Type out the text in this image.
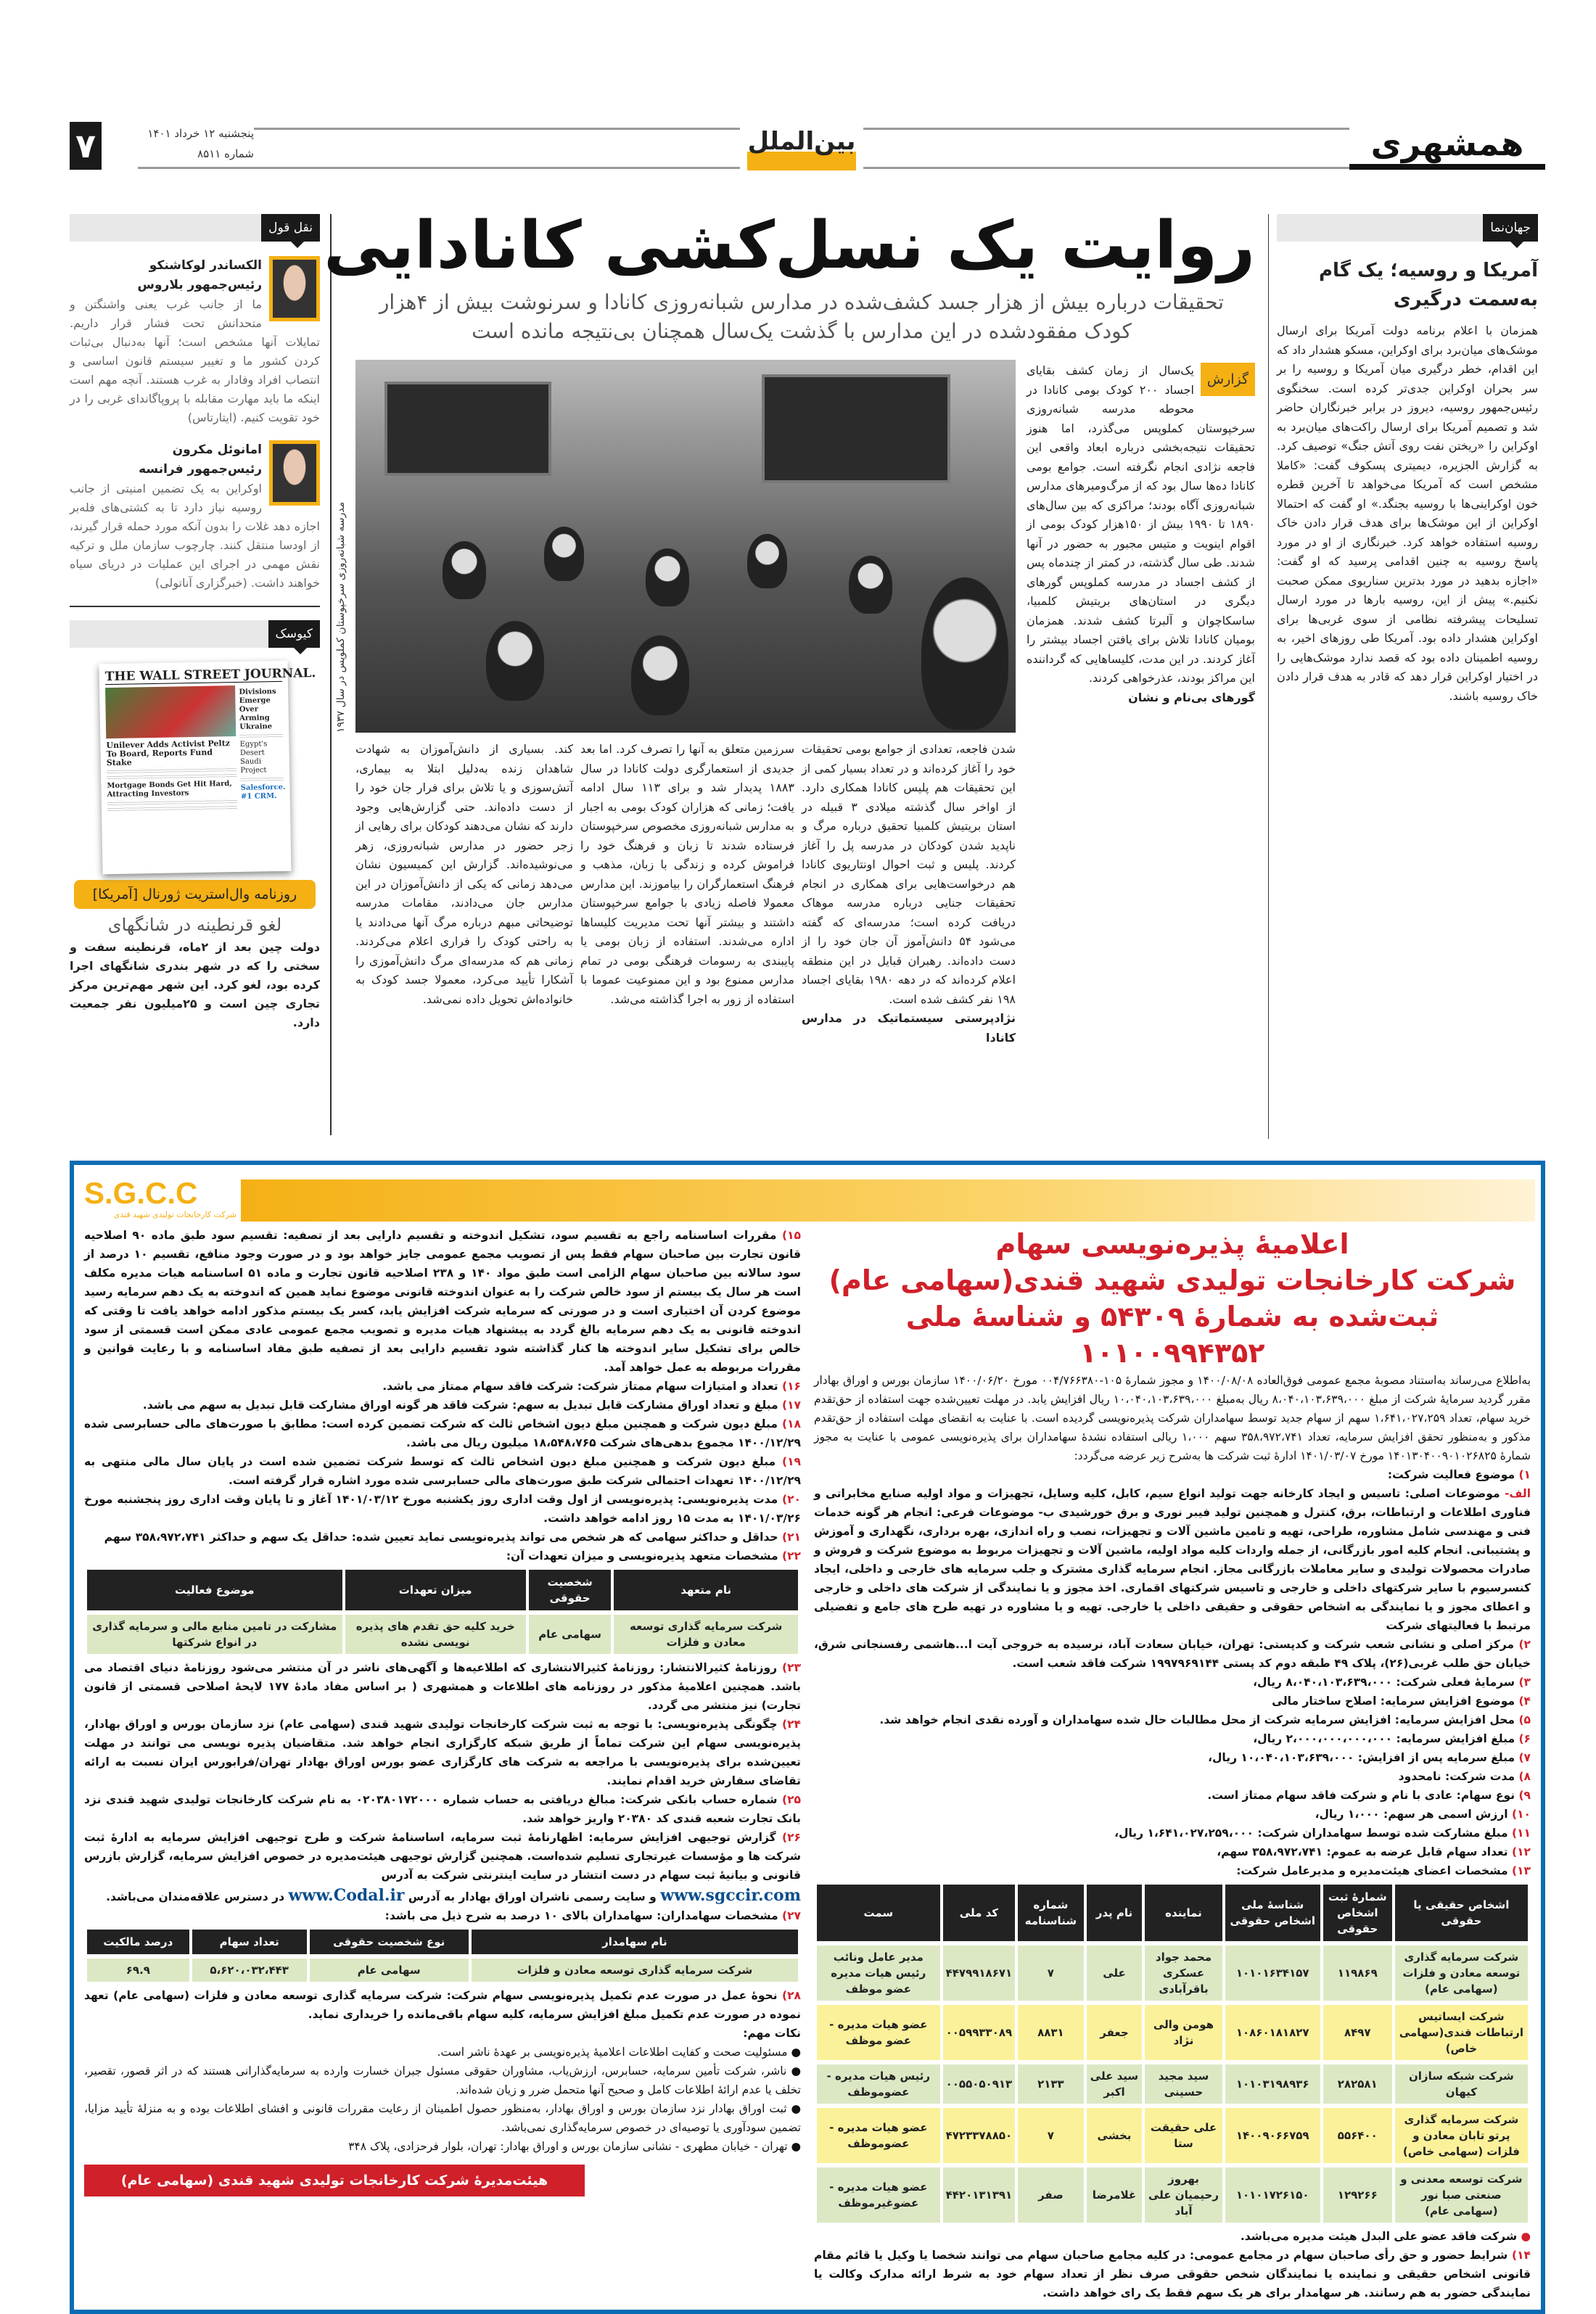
۷	پنجشنبه ۱۲ خرداد ۱۴۰۱
شماره ۸۵۱۱	بین‌الملل	همشهری
نقل قول
الکساندر لوکاشنکو
رئیس‌جمهور بلاروس
ما از جانب غرب یعنی واشنگتن و متحدانش تحت فشار قرار داریم. تمایلات آنها مشخص است؛ آنها به‌دنبال بی‌ثبات کردن کشور ما و تغییر سیستم قانون اساسی و انتصاب افراد وفادار به غرب هستند. آنچه مهم است اینکه ما باید مهارت مقابله با پروپاگاندای غربی را در خود تقویت کنیم. (ایتارتاس)
امانوئل مکرون
رئیس‌جمهور فرانسه
اوکراین به یک تضمین امنیتی از جانب روسیه نیاز دارد تا به کشتی‌های فله‌بر اجازه دهد غلات را بدون آنکه مورد حمله قرار گیرند، از اودسا منتقل کنند. چارچوب سازمان ملل و ترکیه نقش مهمی در اجرای این عملیات در دریای سیاه خواهند داشت. (خبرگزاری آناتولی)
کیوسک
THE WALL STREET JOURNAL.
Unilever Adds Activist Peltz To Board, Reports Fund Stake
Mortgage Bonds Get Hit Hard, Attracting Investors
Divisions Emerge Over Arming Ukraine
Egypt's Desert Saudi Project
Salesforce. #1 CRM.
روزنامه وال‌استریت ژورنال [آمریکا]
لغو قرنطینه در شانگهای
دولت چین بعد از ۲ماه، قرنطینه سفت و سختی را که در شهر بندری شانگهای اجرا کرده بود، لغو کرد. این شهر مهم‌ترین مرکز تجاری چین است و ۲۵میلیون نفر جمعیت دارد.
روایت یک نسل‌کشی کانادایی
تحقیقات درباره بیش از هزار جسد کشف‌شده در مدارس شبانه‌روزی کانادا و سرنوشت بیش از ۴هزار کودک مفقودشده در این مدارس با گذشت یک‌سال همچنان بی‌نتیجه مانده است
مدرسه شبانه‌روزی سرخپوستان کملوپس در سال ۱۹۳۷
گزارش
یک‌سال از زمان کشف بقایای اجساد ۲۰۰ کودک بومی کانادا در محوطه مدرسه شبانه‌روزی سرخپوستان کملوپس می‌گذرد، اما هنوز تحقیقات نتیجه‌بخشی درباره ابعاد واقعی این فاجعه نژادی انجام نگرفته است. جوامع بومی کانادا ده‌ها سال بود که از مرگ‌ومیرهای مدارس شبانه‌روزی آگاه بودند؛ مراکزی که بین سال‌های ۱۸۹۰ تا ۱۹۹۰ بیش از ۱۵۰هزار کودک بومی از اقوام اینویت و متیس مجبور به حضور در آنها شدند. طی سال گذشته، در کمتر از چندماه پس از کشف اجساد در مدرسه کملوپس گورهای دیگری در استان‌های بریتیش کلمبیا، ساسکاچوان و آلبرتا کشف شدند. همزمان بومیان کانادا تلاش برای یافتن اجساد بیشتر را آغاز کردند. در این مدت، کلیساهایی که گرداننده این مراکز بودند، عذرخواهی کردند.
گورهای بی‌نام و نشان
شدن فاجعه، تعدادی از جوامع بومی تحقیقات خود را آغاز کرده‌اند و در تعداد بسیار کمی از این تحقیقات هم پلیس کانادا همکاری دارد. از اواخر سال گذشته میلادی ۳ قبیله در استان بریتیش کلمبیا تحقیق درباره مرگ و ناپدید شدن کودکان در مدرسه پل را آغاز کردند. پلیس و ثبت احوال اونتاریوی کانادا هم درخواست‌هایی برای همکاری در انجام تحقیقات جنایی درباره مدرسه موهاک دریافت کرده است؛ مدرسه‌ای که گفته می‌شود ۵۴ دانش‌آموز آن جان خود را از دست داده‌اند. رهبران قبایل در این منطقه اعلام کرده‌اند که در دهه ۱۹۸۰ بقایای اجساد ۱۹۸ نفر کشف شده است.
نژادپرستی سیستماتیک در مدارس کانادا
سرزمین متعلق به آنها را تصرف کرد. اما بعد جدیدی از استعمارگری دولت کانادا در سال ۱۸۸۳ پدیدار شد و برای ۱۱۳ سال ادامه یافت؛ زمانی که هزاران کودک بومی به اجبار به مدارس شبانه‌روزی مخصوص سرخپوستان فرستاده شدند تا زبان و فرهنگ خود را فراموش کرده و زندگی با زبان، مذهب و فرهنگ استعمارگران را بیاموزند. این مدارس معمولا فاصله زیادی با جوامع سرخپوستان داشتند و بیشتر آنها تحت مدیریت کلیساها اداره می‌شدند. استفاده از زبان بومی یا پایبندی به رسومات فرهنگی بومی در تمام مدارس ممنوع بود و این ممنوعیت عموما با استفاده از زور به اجرا گذاشته می‌شد.
کند. بسیاری از دانش‌آموزان به شهادت شاهدان زنده به‌دلیل ابتلا به بیماری، آتش‌سوزی و یا تلاش برای فرار جان خود را از دست داده‌اند. حتی گزارش‌هایی وجود دارند که نشان می‌دهند کودکان برای رهایی از زجر حضور در مدارس شبانه‌روزی، زهر می‌نوشیده‌اند. گزارش این کمیسیون نشان می‌دهد زمانی که یکی از دانش‌آموزان در این مدارس جان می‌دادند، مقامات مدرسه توضیحاتی مبهم درباره مرگ آنها می‌دادند یا به راحتی کودک را فراری اعلام می‌کردند. زمانی هم که مدرسه‌ای مرگ دانش‌آموزی را آشکارا تأیید می‌کرد، معمولا جسد کودک به خانواده‌اش تحویل داده نمی‌شد.
جهان‌نما
آمریکا و روسیه؛ یک گام به‌سمت درگیری
همزمان با اعلام برنامه دولت آمریکا برای ارسال موشک‌های میان‌برد برای اوکراین، مسکو هشدار داد که این اقدام، خطر درگیری میان آمریکا و روسیه را بر سر بحران اوکراین جدی‌تر کرده است. سخنگوی رئیس‌جمهور روسیه، دیروز در برابر خبرنگاران حاضر شد و تصمیم آمریکا برای ارسال راکت‌های میان‌برد به اوکراین را «ریختن نفت روی آتش جنگ» توصیف کرد. به گزارش الجزیره، دیمیتری پسکوف گفت: «کاملا مشخص است که آمریکا می‌خواهد تا آخرین قطره خون اوکراینی‌ها با روسیه بجنگد.» او گفت که احتمالا اوکراین از این موشک‌ها برای هدف قرار دادن خاک روسیه استفاده خواهد کرد. خبرنگاری از او در مورد پاسخ روسیه به چنین اقدامی پرسید که او گفت: «اجازه بدهید در مورد بدترین سناریوی ممکن صحبت نکنیم.» پیش از این، روسیه بارها در مورد ارسال تسلیحات پیشرفته نظامی از سوی غربی‌ها برای اوکراین هشدار داده بود. آمریکا طی روزهای اخیر، به روسیه اطمینان داده بود که قصد ندارد موشک‌هایی را در اختیار اوکراین قرار دهد که قادر به هدف قرار دادن خاک روسیه باشند.
S.G.C.C
شرکت کارخانجات تولیدی شهید قندی
اعلامیهٔ پذیره‌نویسی سهام
شرکت کارخانجات تولیدی شهید قندی(سهامی عام)
ثبت‌شده به شمارهٔ ۵۴۳۰۹ و شناسهٔ ملی ۱۰۱۰۰۹۹۴۳۵۲
به‌اطلاع می‌رساند به‌استناد مصوبهٔ مجمع عمومی فوق‌العاده ۱۴۰۰/۰۸/۰۸ و مجوز شمارهٔ ۱۰۵-۰۰۴/۷۶۶۳۸۰ مورخ ۱۴۰۰/۰۶/۲۰ سازمان بورس و اوراق بهادار مقرر گردید سرمایهٔ شرکت از مبلغ ۸،۰۴۰،۱۰۳،۶۳۹،۰۰۰ ریال به‌مبلغ ۱۰،۰۴۰،۱۰۳،۶۳۹،۰۰۰ ریال افزایش یابد. در مهلت تعیین‌شده جهت استفاده از حق‌تقدم خرید سهام، تعداد ۱،۶۴۱،۰۲۷،۲۵۹ سهم از سهام جدید توسط سهامداران شرکت پذیره‌نویسی گردیده است. با عنایت به انقضای مهلت استفاده از حق‌تقدم مذکور و به‌منظور تحقق افزایش سرمایه، تعداد ۳۵۸،۹۷۲،۷۴۱ سهم ۱،۰۰۰ ریالی استفاده نشدهٔ سهامداران برای پذیره‌نویسی عمومی با عنایت به مجوز شمارهٔ ۱۴۰۱۳۰۴۰۰۹۰۱۰۲۶۸۲۵ مورخ ۱۴۰۱/۰۳/۰۷ ادارهٔ ثبت شرکت ها به‌شرح زیر عرضه می‌گردد:
۱) موضوع فعالیت شرکت:
الف- موضوعات اصلی: تاسیس و ایجاد کارخانه جهت تولید انواع سیم، کابل، کلیه وسایل، تجهیزات و مواد اولیه صنایع مخابراتی و فناوری اطلاعات و ارتباطات، برق، کنترل و همچنین تولید فیبر نوری و برق خورشیدی ب- موضوعات فرعی: انجام هر گونه خدمات فنی و مهندسی شامل مشاوره، طراحی، تهیه و تامین ماشین آلات و تجهیزات، نصب و راه اندازی، بهره برداری، نگهداری و آموزش و پشتیبانی. انجام کلیه امور بازرگانی، از جمله واردات کلیه مواد اولیه، ماشین آلات و تجهیزات مربوط به موضوع شرکت و فروش و صادرات محصولات تولیدی و سایر معاملات بازرگانی مجاز. انجام سرمایه گذاری مشترک و جلب سرمایه های خارجی و داخلی، ایجاد کنسرسیوم با سایر شرکتهای داخلی و خارجی و تاسیس شرکتهای اقماری. اخذ مجوز و یا نمایندگی از شرکت های داخلی و خارجی و اعطای مجوز و یا نمایندگی به اشخاص حقوقی و حقیقی داخلی یا خارجی. تهیه و یا مشاوره در تهیه طرح های جامع و تفضیلی مرتبط با فعالیتهای شرکت
۲) مرکز اصلی و نشانی شعب شرکت و کدپستی: تهران، خیابان سعادت آباد، نرسیده به خروجی آیت ا...هاشمی رفسنجانی شرق، خیابان حق طلب غربی(۲۶)، پلاک ۴۹ طبقه دوم کد پستی ۱۹۹۷۹۶۹۱۴۴ شرکت فاقد شعب است.
۳) سرمایهٔ فعلی شرکت: ۸،۰۴۰،۱۰۳،۶۳۹،۰۰۰ ریال،
۴) موضوع افزایش سرمایه: اصلاح ساختار مالی
۵) محل افزایش سرمایه: افزایش سرمایه شرکت از محل مطالبات حال شده سهامداران و آورده نقدی انجام خواهد شد.
۶) مبلغ افزایش سرمایه: ۲،۰۰۰،۰۰۰،۰۰۰،۰۰۰ ریال،
۷) مبلغ سرمایه پس از افزایش: ۱۰،۰۴۰،۱۰۳،۶۳۹،۰۰۰ ریال،
۸) مدت شرکت: نامحدود
۹) نوع سهام: عادی با نام و شرکت فاقد سهام ممتاز است.
۱۰) ارزش اسمی هر سهم: ۱،۰۰۰ ریال،
۱۱) مبلغ مشارکت شده توسط سهامداران شرکت: ۱،۶۴۱،۰۲۷،۲۵۹،۰۰۰ ریال،
۱۲) تعداد سهام قابل عرضه به عموم: ۳۵۸،۹۷۲،۷۴۱ سهم،
۱۳) مشخصات اعضای هیئت‌مدیره و مدیرعامل شرکت:
اشخاص حقیقی یا حقوقی	شمارهٔ ثبت اشخاص حقوقی	شناسهٔ ملی اشخاص حقوقی	نماینده	نام پدر	شماره شناسنامه	کد ملی	سمت
شرکت سرمایه گذاری توسعه معادن و فلزات (سهامی عام)	۱۱۹۸۶۹	۱۰۱۰۱۶۳۴۱۵۷	محمد جواد عسکری باقرآبادی	علی	۷	۴۴۷۹۹۱۸۶۷۱	مدیر عامل ونائب رئیس هیات مدیره عضو موظف
شرکت ایساتیس ارتباطات قندی(سهامی خاص)	۸۴۹۷	۱۰۸۶۰۱۸۱۸۲۷	هومن والی نژاد	جعفر	۸۸۳۱	۰۰۵۹۹۳۳۰۸۹	عضو هیات مدیره - عضو موظف
شرکت شبکه سازان کیهان	۲۸۲۵۸۱	۱۰۱۰۳۱۹۸۹۳۶	سید مجید حسینی	سید علی اکبر	۲۱۳۳	۰۰۵۵۰۵۰۹۱۳	رئیس هیات مدیره - عضوموظف
شرکت سرمایه گذاری پرتو تابان معادن و فلزات (سهامی خاص)	۵۵۶۴۰۰	۱۴۰۰۹۰۶۶۷۵۹	علی حقیقت ستا	بخشی	۷	۴۷۲۳۳۷۸۸۵۰	عضو هیات مدیره - عضوموظف
شرکت توسعه معدنی و صنعتی صبا نور (سهامی عام)	۱۲۹۲۶۶	۱۰۱۰۱۷۲۶۱۵۰	بهروز رحیمیان علی آباد	غلامرضا	صفر	۴۴۲۰۱۳۱۳۹۱	عضو هیات مدیره - عضوغیرموظف
● شرکت فاقد عضو علی البدل هیئت مدیره می‌باشد.
۱۴) شرایط حضور و حق رأی صاحبان سهام در مجامع عمومی: در کلیه مجامع صاحبان سهام می توانند شخصا یا وکیل یا قائم مقام قانونی اشخاص حقیقی و نماینده یا نمایندگان شخص حقوقی صرف نظر از تعداد سهام خود به شرط ارائه مدارک وکالت یا نمایندگی حضور به هم رسانند. هر سهامدار برای هر یک سهم فقط یک رای خواهد داشت.
۱۵) مقررات اساسنامه راجع به تقسیم سود، تشکیل اندوخته و تقسیم دارایی بعد از تصفیه: تقسیم سود طبق ماده ۹۰ اصلاحیه قانون تجارت بین صاحبان سهام فقط پس از تصویب مجمع عمومی جایز خواهد بود و در صورت وجود منافع، تقسیم ۱۰ درصد از سود سالانه بین صاحبان سهام الزامی است طبق مواد ۱۴۰ و ۲۳۸ اصلاحیه قانون تجارت و ماده ۵۱ اساسنامه هیات مدیره مکلف است هر سال یک بیستم از سود خالص شرکت را به عنوان اندوخته قانونی موضوع نماید همین که اندوخته به یک دهم سرمایه رسید موضوع کردن آن اختیاری است و در صورتی که سرمایه شرکت افزایش یابد، کسر یک بیستم مذکور ادامه خواهد یافت تا وقتی که اندوخته قانونی به یک دهم سرمایه بالغ گردد به پیشنهاد هیات مدیره و تصویب مجمع عمومی عادی ممکن است قسمتی از سود خالص برای تشکیل سایر اندوخته ها کنار گذاشته شود تقسیم دارایی بعد از تصفیه طبق مفاد اساسنامه و با رعایت قوانین و مقررات مربوطه به عمل خواهد آمد.
۱۶) تعداد و امتیازات سهام ممتاز شرکت: شرکت فاقد سهام ممتاز می باشد.
۱۷) مبلغ و تعداد اوراق مشارکت قابل تبدیل به سهم: شرکت فاقد هر گونه اوراق مشارکت قابل تبدیل به سهم می باشد.
۱۸) مبلغ دیون شرکت و همچنین مبلغ دیون اشخاص ثالث که شرکت تضمین کرده است: مطابق با صورت‌های مالی حسابرسی شده ۱۴۰۰/۱۲/۲۹ مجموع بدهی‌های شرکت ۱۸،۵۴۸،۷۶۵ میلیون ریال می باشد.
۱۹) مبلغ دیون شرکت و همچنین مبلغ دیون اشخاص ثالث که توسط شرکت تضمین شده است در پایان سال مالی منتهی به ۱۴۰۰/۱۲/۲۹ تعهدات احتمالی شرکت طبق صورت‌های مالی حسابرسی شده مورد اشاره قرار گرفته است.
۲۰) مدت پذیره‌نویسی: پذیره‌نویسی از اول وقت اداری روز یکشنبه مورخ ۱۴۰۱/۰۳/۱۲ آغاز و تا پایان وقت اداری روز پنجشنبه مورخ ۱۴۰۱/۰۳/۲۶ به مدت ۱۵ روز ادامه خواهد داشت.
۲۱) حداقل و حداکثر سهامی که هر شخص می تواند پذیره‌نویسی نماید تعیین شده: حداقل یک سهم و حداکثر ۳۵۸،۹۷۲،۷۴۱ سهم
۲۲) مشخصات متعهد پذیره‌نویسی و میزان تعهدات آن:
نام متعهد	شخصیت حقوقی	میزان تعهدات	موضوع فعالیت
شرکت سرمایه گذاری توسعه معادن و فلزات	سهامی عام	خرید کلیه حق تقدم های پذیره نویسی نشده	مشارکت در تامین منابع مالی و سرمایه گذاری در انواع شرکتها
۲۳) روزنامهٔ کثیرالانتشار: روزنامهٔ کثیرالانتشاری که اطلاعیه‌ها و آگهی‌های ناشر در آن منتشر می‌شود روزنامهٔ دنیای اقتصاد می باشد. همچنین اعلامیهٔ مذکور در روزنامه های اطلاعات و همشهری ( بر اساس مفاد مادهٔ ۱۷۷ لایحهٔ اصلاحی قسمتی از قانون تجارت) نیز منتشر می گردد.
۲۴) چگونگی پذیره‌نویسی: با توجه به ثبت شرکت کارخانجات تولیدی شهید قندی (سهامی عام) نزد سازمان بورس و اوراق بهادار، پذیره‌نویسی سهام این شرکت تماماً از طریق شبکه کارگزاری انجام خواهد شد. متقاضیان پذیره نویسی می توانند در مهلت تعیین‌شده برای پذیره‌نویسی با مراجعه به شرکت های کارگزاری عضو بورس اوراق بهادار تهران/فرابورس ایران نسبت به ارائه تقاضای سفارش خرید اقدام نمایند.
۲۵) شماره حساب بانکی شرکت: مبالغ دریافتی به حساب شماره ۰۲۰۳۸۰۱۷۲۰۰۰ به نام شرکت کارخانجات تولیدی شهید قندی نزد بانک تجارت شعبه قندی کد ۲۰۳۸۰ واریز خواهد شد.
۲۶) گزارش توجیهی افزایش سرمایه: اظهارنامهٔ ثبت سرمایه، اساسنامهٔ شرکت و طرح توجیهی افزایش سرمایه به ادارهٔ ثبت شرکت ها و مؤسسات غیرتجاری تسلیم شده‌است. همچنین گزارش توجیهی هیئت‌مدیره در خصوص افزایش سرمایه، گزارش بازرس قانونی و بیانیهٔ ثبت سهام در دست انتشار در سایت اینترنتی شرکت به آدرس
www.sgccir.com و سایت رسمی ناشران اوراق بهادار به آدرس www.Codal.ir در دسترس علاقه‌مندان می‌باشد.
۲۷) مشخصات سهامداران: سهامداران بالای ۱۰ درصد به شرح ذیل می باشد:
نام سهامدار	نوع شخصیت حقوقی	تعداد سهام	درصد مالکیت
شرکت سرمایه گذاری توسعه معادن و فلزات	سهامی عام	۵،۶۲۰،۰۳۲،۴۴۳	۶۹.۹
۲۸) نحوهٔ عمل در صورت عدم تکمیل پذیره‌نویسی سهام شرکت: شرکت سرمایه گذاری توسعه معادن و فلزات (سهامی عام) تعهد نموده در صورت عدم تکمیل مبلغ افزایش سرمایه، کلیه سهام باقی‌مانده را خریداری نماید.
نکات مهم:
● مسئولیت صحت و کفایت اطلاعات اعلامیهٔ پذیره‌نویسی بر عهدهٔ ناشر است.
● ناشر، شرکت تأمین سرمایه، حسابرس، ارزش‌یاب، مشاوران حقوقی مسئول جبران خسارت وارده به سرمایه‌گذارانی هستند که در اثر قصور، تقصیر، تخلف یا عدم ارائهٔ اطلاعات کامل و صحیح آنها متحمل ضرر و زیان شده‌اند.
● ثبت اوراق بهادار نزد سازمان بورس و اوراق بهادار، به‌منظور حصول اطمینان از رعایت مقررات قانونی و افشای اطلاعات بوده و به منزلهٔ تأیید مزایا، تضمین سودآوری یا توصیه‌ای در خصوص سرمایه‌گذاری نمی‌باشد.
● تهران - خیابان مطهری - نشانی سازمان بورس و اوراق بهادار: تهران، بلوار فرحزادی، پلاک ۳۴۸
هیئت‌مدیرهٔ شرکت کارخانجات تولیدی شهید قندی (سهامی عام)
